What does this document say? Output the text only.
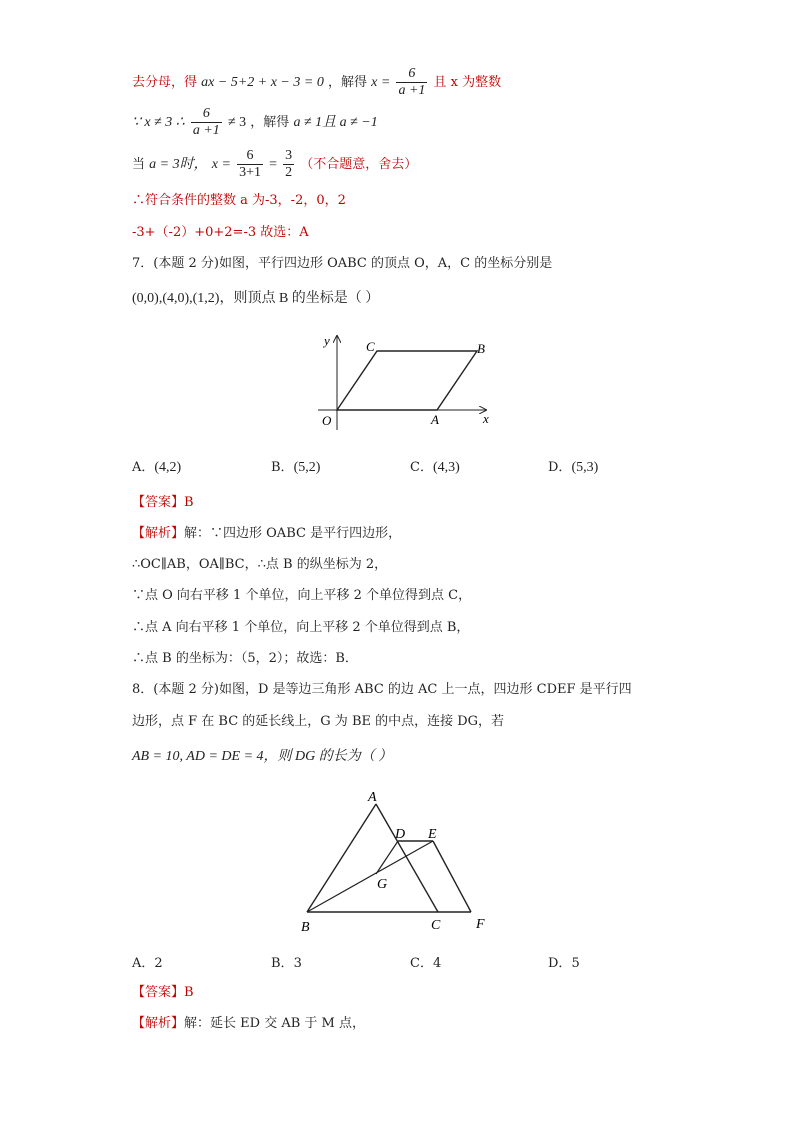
去分母，得 ax − 5+2 + x − 3 = 0 ，解得 $x = \frac{6}{a +1}$ 且 x 为整数
∵ x ≠ 3 ∴ $\frac{6}{a +1} \ne 3$ ，解得 a ≠ 1且 a ≠ −1
当 a = 3时， $x = \frac{6}{3+1} = \frac{3}{2}$ （不合题意，舍去）
∴符合条件的整数 a 为-3，-2，0，2
-3+（-2）+0+2=-3 故选：A
7．(本题 2 分)如图，平行四边形 OABC 的顶点 O，A，C 的坐标分别是
(0,0),(4,0),(1,2)，则顶点 B 的坐标是（ ）
y
x
O	A
B
C
A．(4,2)	B．(5,2)	C．(4,3)	D．(5,3)
【答案】B
【解析】解：∵四边形 OABC 是平行四边形，
∴OC∥AB，OA∥BC，∴点 B 的纵坐标为 2，
∵点 O 向右平移 1 个单位，向上平移 2 个单位得到点 C，
∴点 A 向右平移 1 个单位，向上平移 2 个单位得到点 B，
∴点 B 的坐标为：（5，2）；故选：B．
8．(本题 2 分)如图，D 是等边三角形 ABC 的边 AC 上一点，四边形 CDEF 是平行四
边形，点 F 在 BC 的延长线上，G 为 BE 的中点，连接 DG，若
AB = 10, AD = DE = 4，则 DG 的长为（ ）
A
B	C
D E
F
G
A．2	B．3	C．4	D．5
【答案】B
【解析】解：延长 ED 交 AB 于 M 点，
